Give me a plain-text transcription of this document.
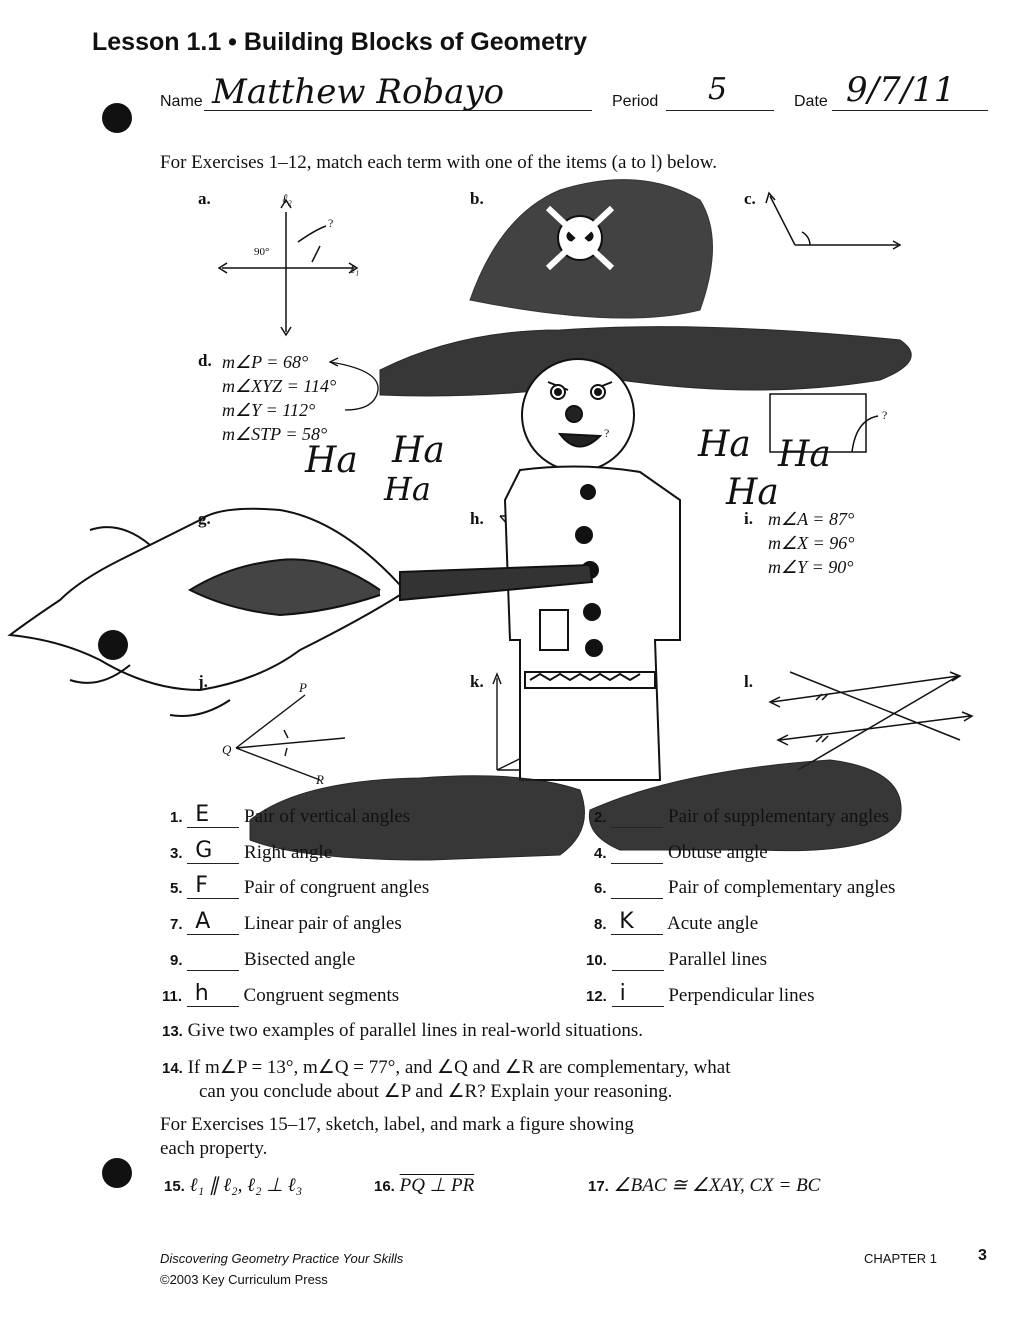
Lesson 1.1 • Building Blocks of Geometry
Name Matthew Robayo	Period 5	Date 9/7/11
For Exercises 1–12, match each term with one of the items (a to l) below.
a.	b.	c.
d.
g.	h.	i.
j.	k.	l.
ℓ₂
ℓ₁
90°
?
m∠P = 68°
m∠XYZ = 114°
m∠Y = 112°
m∠STP = 58°
m∠A = 87°
m∠X = 96°
m∠Y = 90°
P
Q
R
Ha Ha
Ha
Ha Ha
Ha
?
?
1. E Pair of vertical angles	2.	Pair of supplementary angles
3. G Right angle	4.	Obtuse angle
5. F Pair of congruent angles	6.	Pair of complementary angles
7. A Linear pair of angles	8. K Acute angle
9.	Bisected angle	10.	Parallel lines
11. h Congruent segments	12. i Perpendicular lines
13. Give two examples of parallel lines in real-world situations.
14. If m∠P = 13°, m∠Q = 77°, and ∠Q and ∠R are complementary, what
can you conclude about ∠P and ∠R? Explain your reasoning.
For Exercises 15–17, sketch, label, and mark a figure showing
each property.
15. ℓ₁ ∥ ℓ₂, ℓ₂ ⊥ ℓ₃	16. PQ ⊥ PR	17. ∠BAC ≅ ∠XAY, CX = BC
Discovering Geometry Practice Your Skills
©2003 Key Curriculum Press
CHAPTER 1	3
